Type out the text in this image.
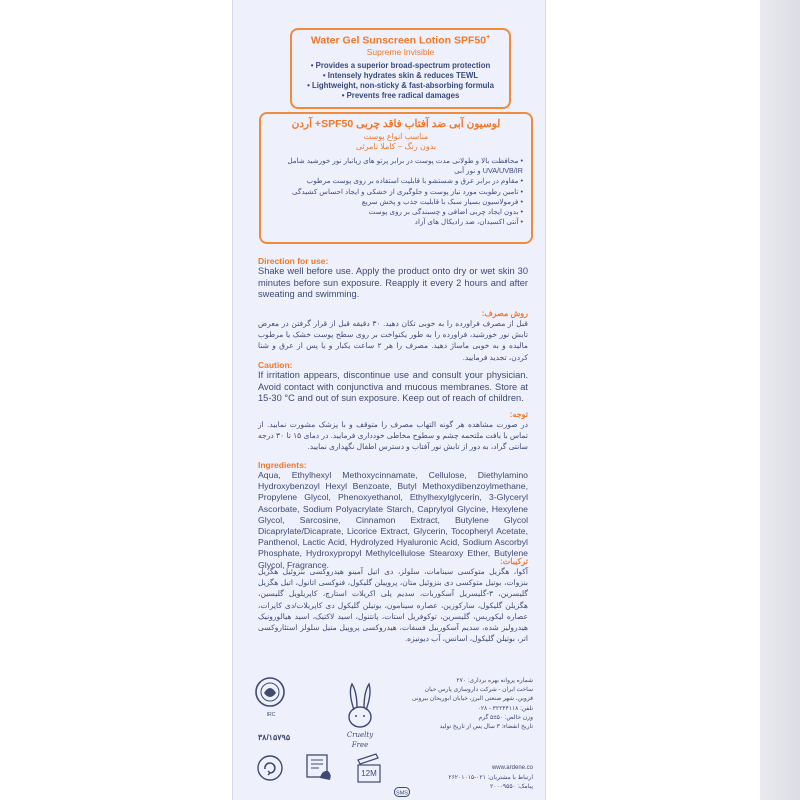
Water Gel Sunscreen Lotion SPF50+
Supreme Invisible
• Provides a superior broad-spectrum protection
• Intensely hydrates skin & reduces TEWL
• Lightweight, non-sticky & fast-absorbing formula
• Prevents free radical damages
لوسیون آبی ضد آفتاب فاقد چربی SPF50+ آردن
مناسب انواع پوست
بدون رنگ – کاملا نامرئی
• محافظت بالا و طولانی مدت پوست در برابر پرتو های زیانبار نور خورشید شامل UVA/UVB/IR و نور آبی
• مقاوم در برابر عرق و شستشو با قابلیت استفاده بر روی پوست مرطوب
• تامین رطوبت مورد نیاز پوست و جلوگیری از خشکی و ایجاد احساس کشیدگی
• فرمولاسیون بسیار سبک با قابلیت جذب و پخش سریع
• بدون ایجاد چربی اضافی و چسبندگی بر روی پوست
• آنتی اکسیدان، ضد رادیکال های آزاد
Direction for use:
Shake well before use. Apply the product onto dry or wet skin 30 minutes before sun exposure. Reapply it every 2 hours and after sweating and swimming.
روش مصرف:
قبل از مصرف فراورده را به خوبی تکان دهید. ۳۰ دقیقه قبل از قرار گرفتن در معرض تابش نور خورشید، فراورده را به طور یکنواخت بر روی سطح پوست خشک یا مرطوب مالیده و به خوبی ماساژ دهید. مصرف را هر ۲ ساعت یکبار و یا پس از عرق و شنا کردن، تجدید فرمایید.
Caution:
If irritation appears, discontinue use and consult your physician. Avoid contact with conjunctiva and mucous membranes. Store at 15-30 °C and out of sun exposure. Keep out of reach of children.
توجه:
در صورت مشاهده هر گونه التهاب مصرف را متوقف و با پزشک مشورت نمایید. از تماس با بافت ملتحمه چشم و سطوح مخاطی خودداری فرمایید. در دمای ۱۵ تا ۳۰ درجه سانتی گراد، به دور از تابش نور آفتاب و دسترس اطفال نگهداری نمایید.
Ingredients:
Aqua, Ethylhexyl Methoxycinnamate, Cellulose, Diethylamino Hydroxybenzoyl Hexyl Benzoate, Butyl Methoxydibenzoylmethane, Propylene Glycol, Phenoxyethanol, Ethylhexylglycerin, 3-Glyceryl Ascorbate, Sodium Polyacrylate Starch, Caprylyol Glycine, Hexylene Glycol, Sarcosine, Cinnamon Extract, Butylene Glycol Dicaprylate/Dicaprate, Licorice Extract, Glycerin, Tocopheryl Acetate, Panthenol, Lactic Acid, Hydrolyzed Hyaluronic Acid, Sodium Ascorbyl Phosphate, Hydroxypropyl Methylcellulose Stearoxy Ether, Butylene Glycol, Fragrance.	ترکیبات:
آکوا، هگزیل متوکسی سینامات، سلولز، دی اتیل آمینو هیدروکسی بنزوئیل هگزیل بنزوات، بوتیل متوکسی دی بنزوئیل متان، پروپیلن گلیکول، فنوکسی اتانول، اتیل هگزیل گلیسرین، ۳-گلیسریل آسکوربات، سدیم پلی اکریلات استارچ، کاپریلویل گلیسین، هگزیلن گلیکول، سارکوزین، عصاره سینامون، بوتیلن گلیکول دی کاپریلات/دی کاپرات، عصاره لیکوریس، گلیسرین، توکوفریل استات، پانتنول، اسید لاکتیک، اسید هیالورونیک هیدرولیز شده، سدیم آسکوربیل فسفات، هیدروکسی پروپیل متیل سلولز استئاروکسی اتر، بوتیلن گلیکول، اسانس، آب دیونیزه.
IRC
۳۸/۱۵۷۹۵	Cruelty
Free
شماره پروانه بهره برداری: ۲۷۰
ساخت ایران - شرکت داروسازی پارس حیان
قزوین، شهر صنعتی البرز، خیابان ابوریحان بیرونی
تلفن: ۳۲۲۴۴۱۱۸ - ۰۲۸
وزن خالص: ۵۰±۵ گرم
تاریخ انقضاء: ۳ سال پس از تاریخ تولید
12M
www.ardene.co
ارتباط با مشتریان: ۰۲۱-۲۶۲۰۱۰۱۵
پیامک: ۲۰۰۰۹۵۵۰
SMS
